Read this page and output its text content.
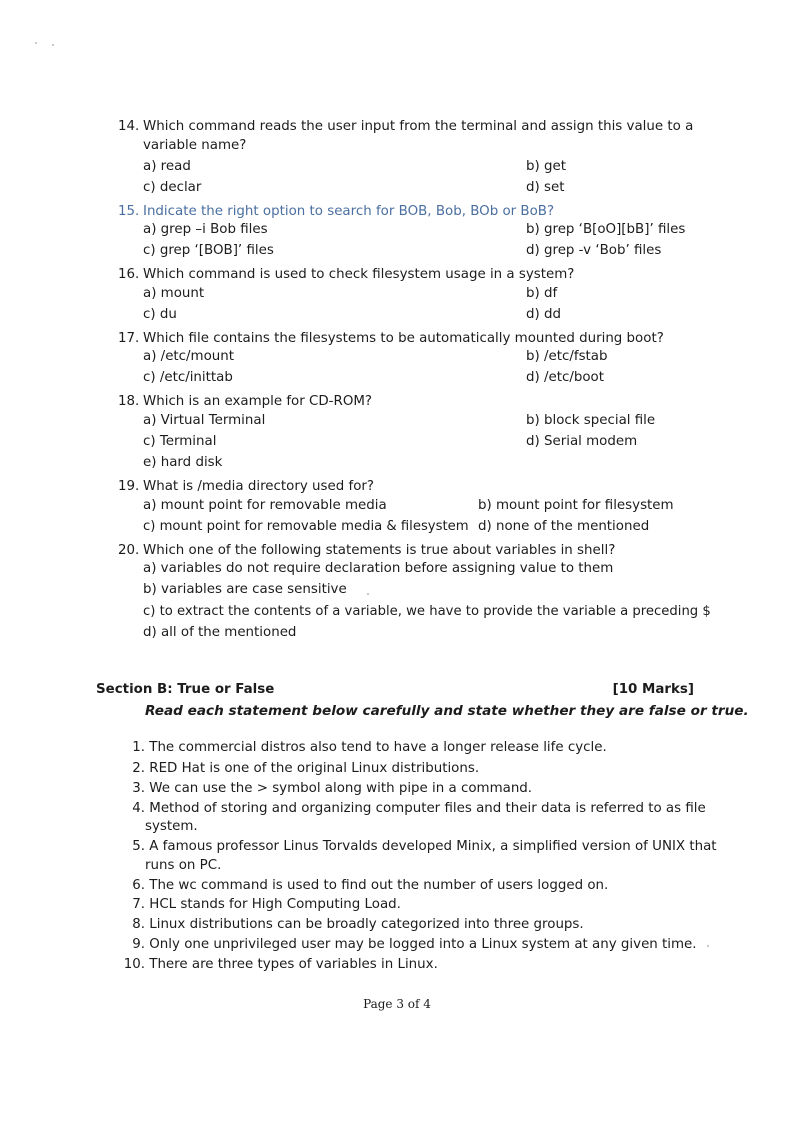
14. Which command reads the user input from the terminal and assign this value to a
variable name?
a) read	b) get
c) declar	d) set
15. Indicate the right option to search for BOB, Bob, BOb or BoB?
a) grep –i Bob files	b) grep ‘B[oO][bB]’ files
c) grep ‘[BOB]’ files	d) grep -v ‘Bob’ files
16. Which command is used to check filesystem usage in a system?
a) mount	b) df
c) du	d) dd
17. Which file contains the filesystems to be automatically mounted during boot?
a) /etc/mount	b) /etc/fstab
c) /etc/inittab	d) /etc/boot
18. Which is an example for CD-ROM?
a) Virtual Terminal	b) block special file
c) Terminal	d) Serial modem
e) hard disk
19. What is /media directory used for?
a) mount point for removable media	b) mount point for filesystem
c) mount point for removable media & filesystem d) none of the mentioned
20. Which one of the following statements is true about variables in shell?
a) variables do not require declaration before assigning value to them
b) variables are case sensitive
c) to extract the contents of a variable, we have to provide the variable a preceding $
d) all of the mentioned
Section B: True or False	[10 Marks]
Read each statement below carefully and state whether they are false or true.
1. The commercial distros also tend to have a longer release life cycle.
2. RED Hat is one of the original Linux distributions.
3. We can use the > symbol along with pipe in a command.
4. Method of storing and organizing computer files and their data is referred to as file
system.
5. A famous professor Linus Torvalds developed Minix, a simplified version of UNIX that
runs on PC.
6. The wc command is used to find out the number of users logged on.
7. HCL stands for High Computing Load.
8. Linux distributions can be broadly categorized into three groups.
9. Only one unprivileged user may be logged into a Linux system at any given time.
10. There are three types of variables in Linux.
Page 3 of 4
